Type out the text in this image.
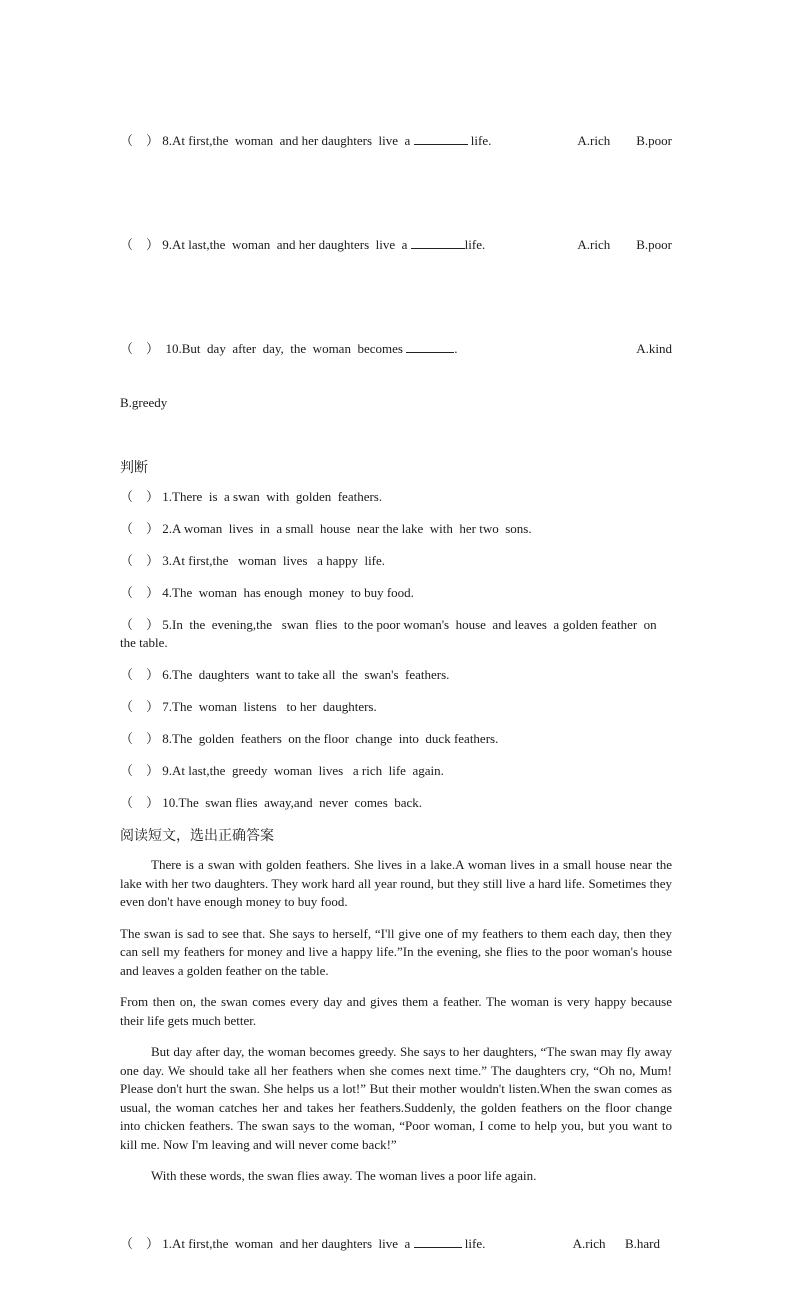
（    ） 8.At first,the  woman  and her daughters  live  a	life.	A.rich B.poor

（    ） 9.At last,the  woman  and her daughters  live  a	life.	A.rich B.poor

（    ） 10.But  day  after  day,  the  woman  becomes	.	A.kind

B.greedy

判断
（    ） 1.There  is  a swan  with  golden  feathers.
（    ） 2.A woman  lives  in  a small  house  near the lake  with  her two  sons.
（    ） 3.At first,the   woman  lives   a happy  life.
（    ） 4.The  woman  has enough  money  to buy food.
（    ） 5.In  the  evening,the   swan  flies  to the poor woman's  house  and leaves  a golden feather  on the table.
（    ） 6.The  daughters  want to take all  the  swan's  feathers.
（    ） 7.The  woman  listens   to her  daughters.
（    ） 8.The  golden  feathers  on the floor  change  into  duck feathers.
（    ） 9.At last,the  greedy  woman  lives   a rich  life  again.
（    ） 10.The  swan flies  away,and  never  comes  back.
阅读短文，选出正确答案
There is a swan with golden feathers. She lives in a lake.A woman lives in a small house near the lake with her two daughters. They work hard all year round, but they still live a hard life. Sometimes they even don't have enough money to buy food.
The swan is sad to see that. She says to herself, “I'll give one of my feathers to them each day, then they can sell my feathers for money and live a happy life.”In the evening, she flies to the poor woman's house and leaves a golden feather on the table.
From then on, the swan comes every day and gives them a feather. The woman is very happy because their life gets much better.
But day after day, the woman becomes greedy. She says to her daughters, “The swan may fly away one day. We should take all her feathers when she comes next time.” The daughters cry, “Oh no, Mum! Please don't hurt the swan. She helps us a lot!” But their mother wouldn't listen.When the swan comes as usual, the woman catches her and takes her feathers.Suddenly, the golden feathers on the floor change into chicken feathers. The swan says to the woman, “Poor woman, I come to help you, but you want to kill me. Now I'm leaving and will never come back!”
With these words, the swan flies away. The woman lives a poor life again.

（    ） 1.At first,the  woman  and her daughters  live  a	life.	A.rich B.hard
